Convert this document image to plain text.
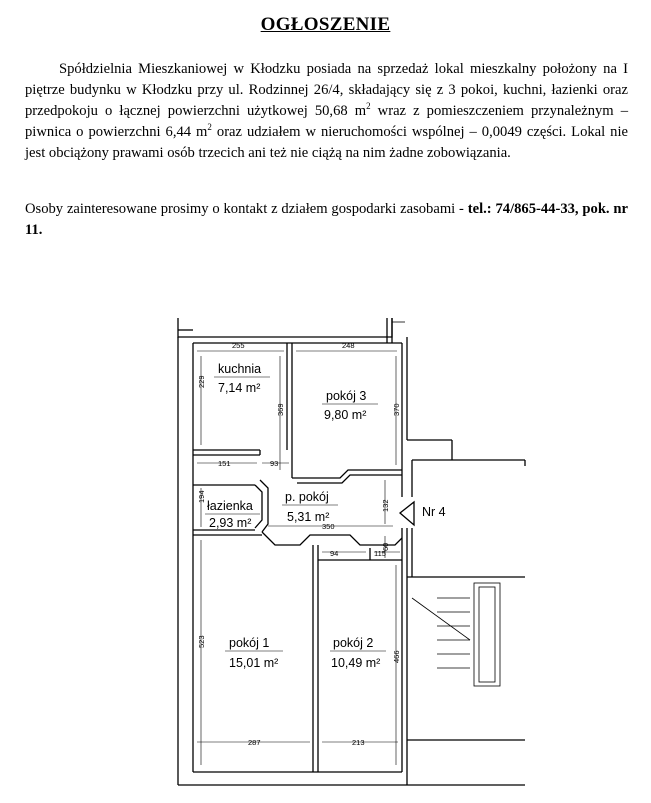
OGŁOSZENIE

Spółdzielnia Mieszkaniowej w Kłodzku posiada na sprzedaż lokal mieszkalny położony na I piętrze budynku w Kłodzku przy ul. Rodzinnej 26/4, składający się z 3 pokoi, kuchni, łazienki oraz przedpokoju o łącznej powierzchni użytkowej 50,68 $m^2$ wraz z pomieszczeniem przynależnym – piwnica o powierzchni 6,44 $m^2$ oraz udziałem w nieruchomości wspólnej – 0,0049 części. Lokal nie jest obciążony prawami osób trzecich ani też nie ciążą na nim żadne zobowiązania.

Osoby zainteresowane prosimy o kontakt z działem gospodarki zasobami - tel.: 74/865-44-33, pok. nr 11.

Nr 4
255	248
229
369	370
151	93
132
194
350
60
94	115
523
466
287	213
kuchnia
7,14 m²
pokój 3
9,80 m²
łazienka
2,93 m²
p. pokój
5,31 m²
pokój 1
15,01 m²
pokój 2
10,49 m²
